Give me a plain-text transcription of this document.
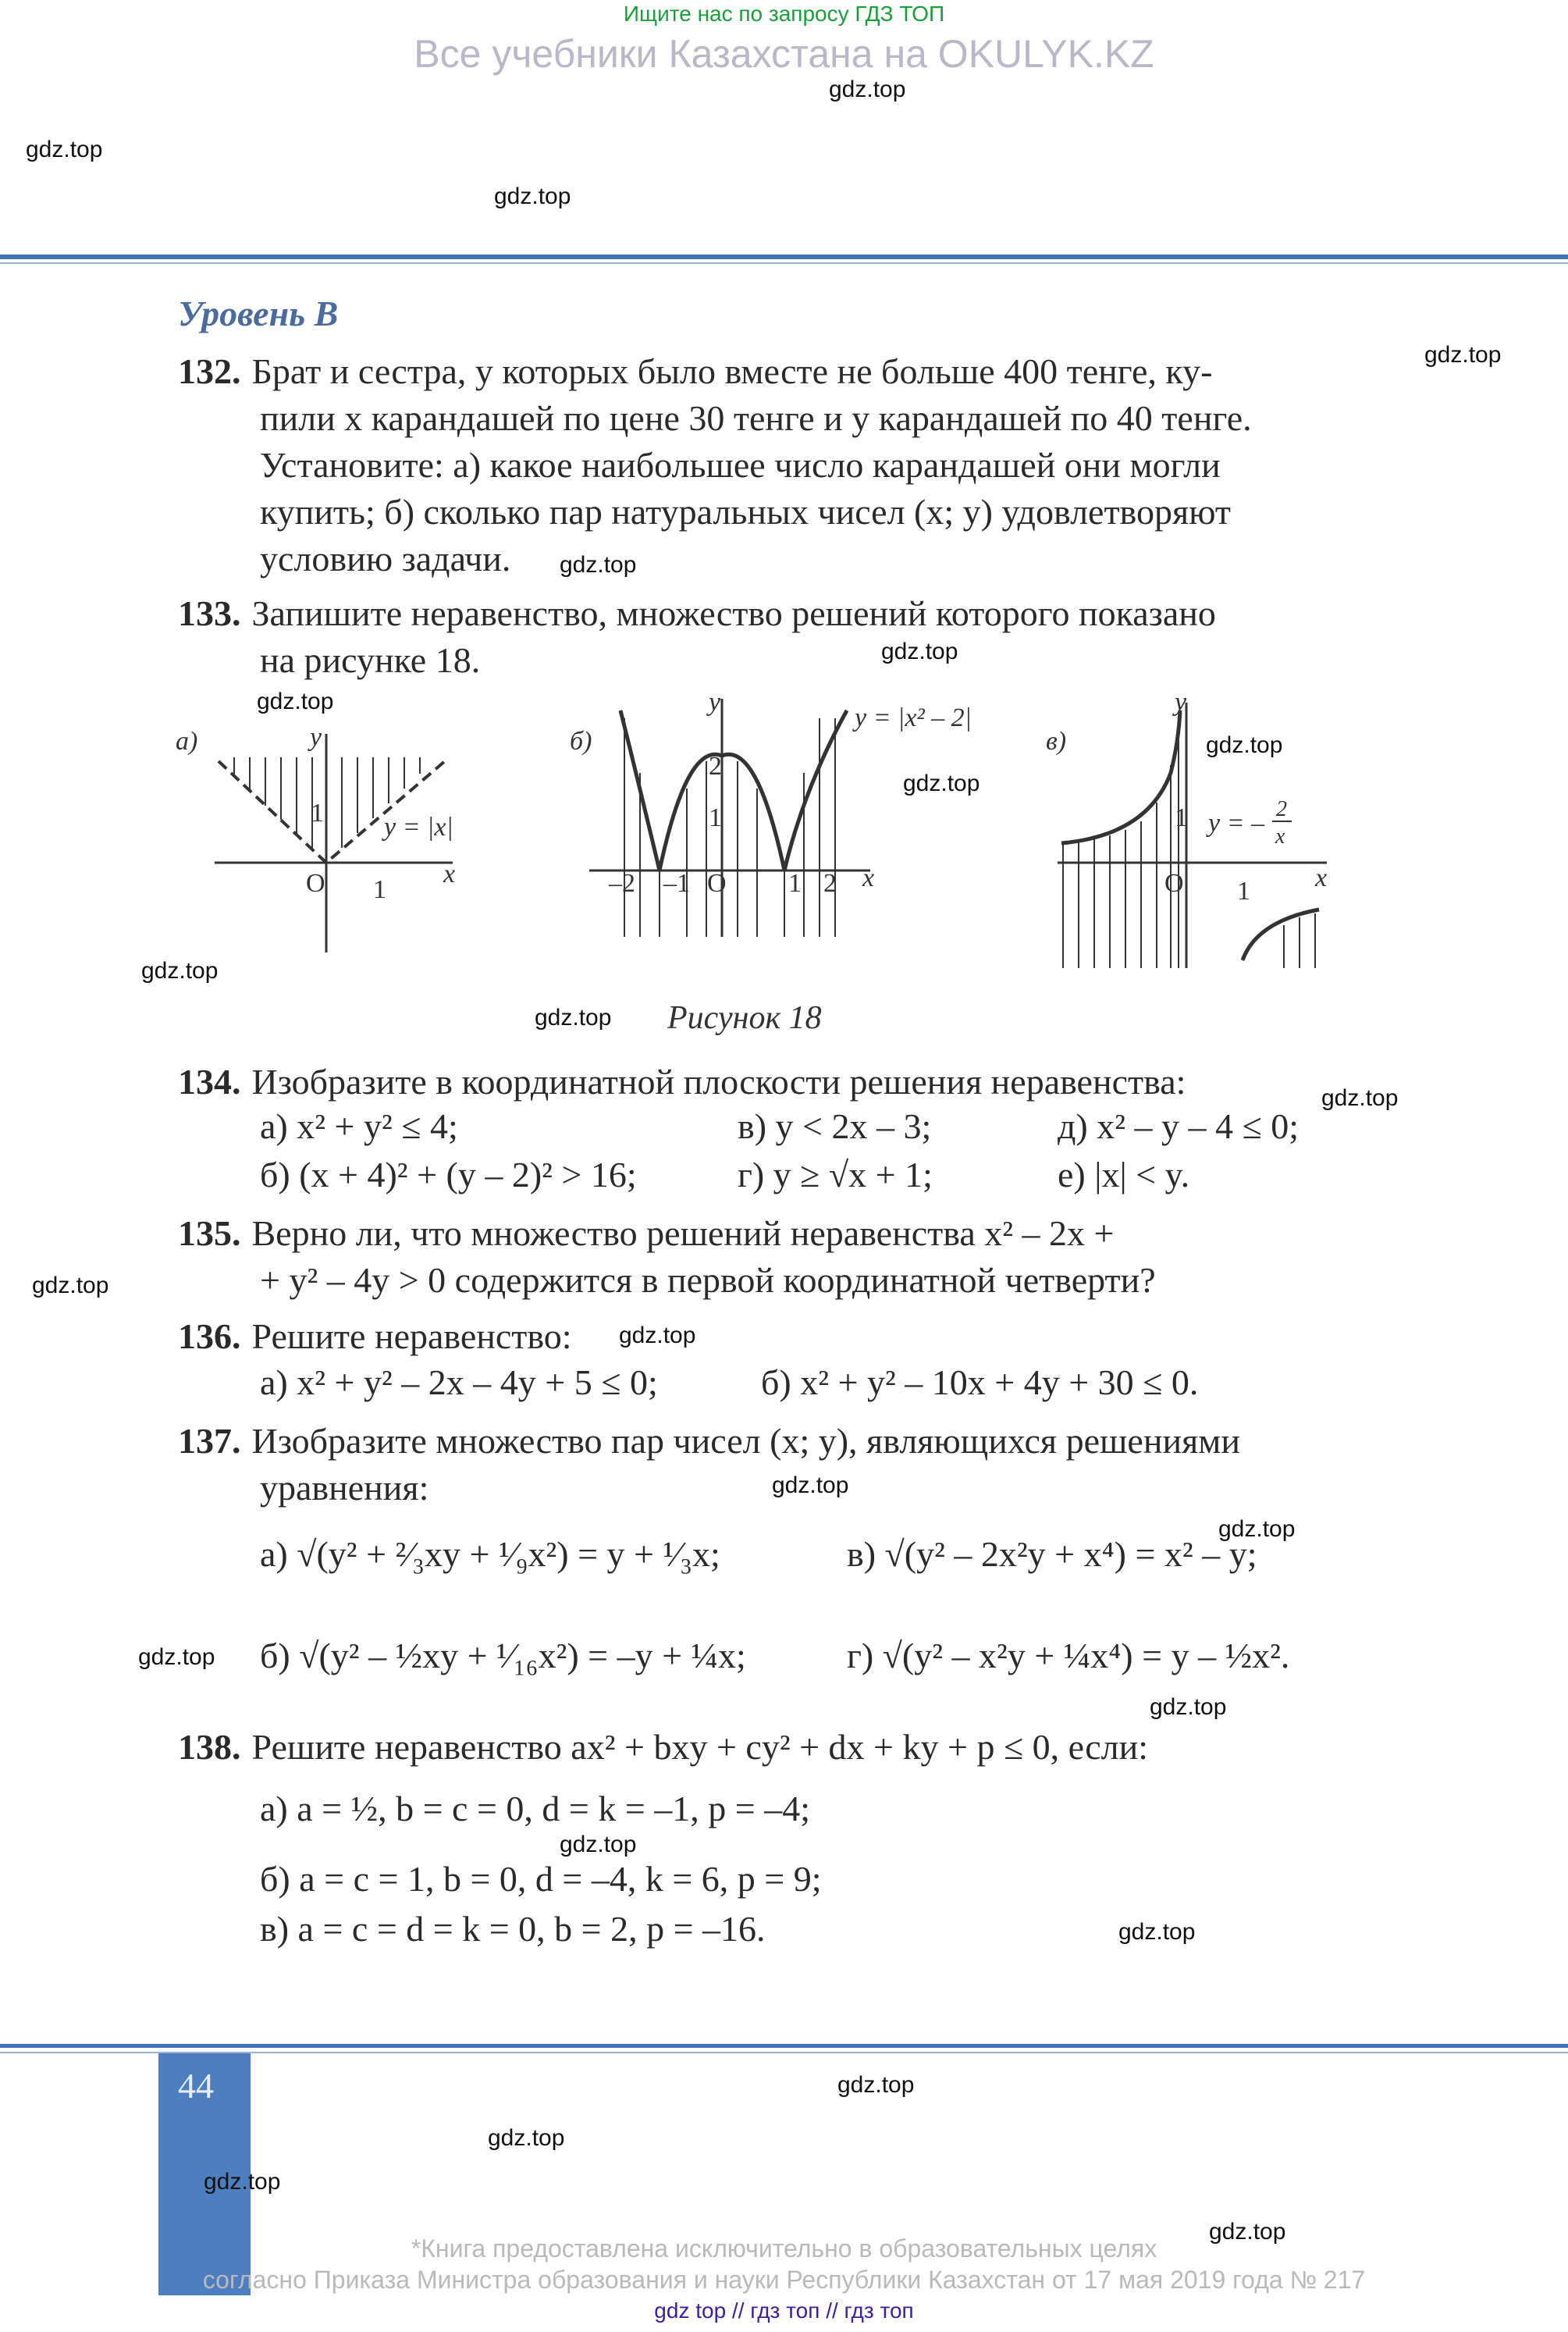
Ищите нас по запросу ГДЗ ТОП
Все учебники Казахстана на OKULYK.KZ
Уровень В
132. Брат и сестра, у которых было вместе не больше 400 тенге, ку-
пили x карандашей по цене 30 тенге и y карандашей по 40 тенге.
Установите: а) какое наибольшее число карандашей они могли
купить; б) сколько пар натуральных чисел (x; y) удовлетворяют
условию задачи.
133. Запишите неравенство, множество решений которого показано
на рисунке 18.
а)
x
y
O 1
1 y = |x|
б)
x
y
O
–2 –1	1 2
1
2
y = |x² – 2|
в)
x
y
O 1
1 y = – 2
x
Рисунок 18
134. Изобразите в координатной плоскости решения неравенства:
а) x² + y² ≤ 4;	в) y < 2x – 3;	д) x² – y – 4 ≤ 0;
б) (x + 4)² + (y – 2)² > 16;	г) y ≥ √x + 1;	е) |x| < y.
135. Верно ли, что множество решений неравенства x² – 2x +
+ y² – 4y > 0 содержится в первой координатной четверти?
136. Решите неравенство:
а) x² + y² – 2x – 4y + 5 ≤ 0;	б) x² + y² – 10x + 4y + 30 ≤ 0.
137. Изобразите множество пар чисел (x; y), являющихся решениями
уравнения:
а) √(y² + ²⁄₃xy + ¹⁄₉x²) = y + ¹⁄₃x;	в) √(y² – 2x²y + x⁴) = x² – y;
б) √(y² – ½xy + ¹⁄₁₆x²) = –y + ¼x;	г) √(y² – x²y + ¼x⁴) = y – ½x².
138. Решите неравенство ax² + bxy + cy² + dx + ky + p ≤ 0, если:
а) a = ½, b = c = 0, d = k = –1, p = –4;
б) a = c = 1, b = 0, d = –4, k = 6, p = 9;
в) a = c = d = k = 0, b = 2, p = –16.
44
*Книга предоставлена исключительно в образовательных целях
согласно Приказа Министра образования и науки Республики Казахстан от 17 мая 2019 года № 217
gdz top // гдз топ // гдз топ
gdz.top
gdz.top
gdz.top
gdz.top
gdz.top
gdz.top
gdz.top
gdz.top
gdz.top
gdz.top
gdz.top
gdz.top
gdz.top
gdz.top
gdz.top
gdz.top
gdz.top
gdz.top
gdz.top
gdz.top
gdz.top
gdz.top
gdz.top
gdz.top
